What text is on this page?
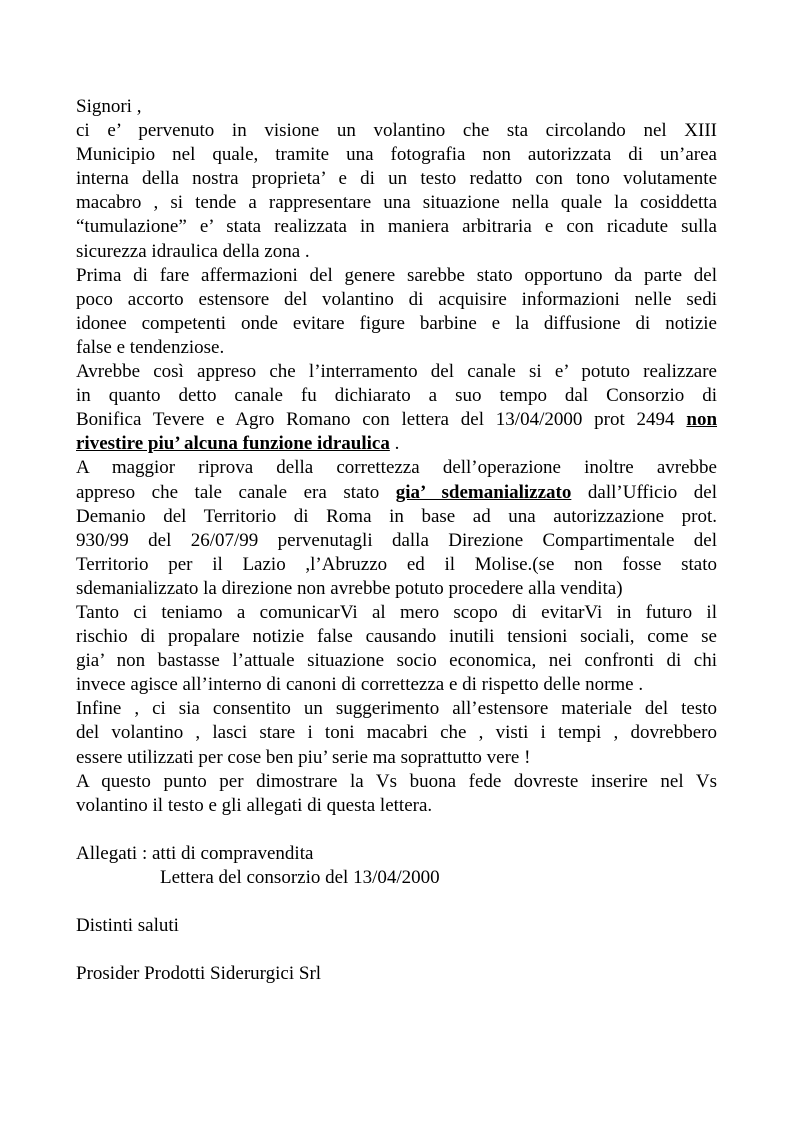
Signori ,
ci e’ pervenuto in visione un volantino che sta circolando nel XIII
Municipio nel quale, tramite una fotografia non autorizzata di un’area
interna della nostra proprieta’ e di un testo redatto con tono volutamente
macabro , si tende a rappresentare una situazione nella quale la cosiddetta
“tumulazione” e’ stata realizzata in maniera arbitraria e con ricadute sulla
sicurezza idraulica della zona .
Prima di fare affermazioni del genere sarebbe stato opportuno da parte del
poco accorto estensore del volantino di acquisire informazioni nelle sedi
idonee competenti onde evitare figure barbine e la diffusione di notizie
false e tendenziose.
Avrebbe così appreso che l’interramento del canale si e’ potuto realizzare
in quanto detto canale fu dichiarato a suo tempo dal Consorzio di
Bonifica Tevere e Agro Romano con lettera del 13/04/2000 prot 2494 non
rivestire piu’ alcuna funzione idraulica .
A maggior riprova della correttezza dell’operazione inoltre avrebbe
appreso che tale canale era stato gia’ sdemanializzato dall’Ufficio del
Demanio del Territorio di Roma in base ad una autorizzazione prot.
930/99 del 26/07/99 pervenutagli dalla Direzione Compartimentale del
Territorio per il Lazio ,l’Abruzzo ed il Molise.(se non fosse stato
sdemanializzato la direzione non avrebbe potuto procedere alla vendita)
Tanto ci teniamo a comunicarVi al mero scopo di evitarVi in futuro il
rischio di propalare notizie false causando inutili tensioni sociali, come se
gia’ non bastasse l’attuale situazione socio economica, nei confronti di chi
invece agisce all’interno di canoni di correttezza e di rispetto delle norme .
Infine , ci sia consentito un suggerimento all’estensore materiale del testo
del volantino , lasci stare i toni macabri che , visti i tempi , dovrebbero
essere utilizzati per cose ben piu’ serie ma soprattutto vere !
A questo punto per dimostrare la Vs buona fede dovreste inserire nel Vs
volantino il testo e gli allegati di questa lettera.
Allegati : atti di compravendita
Lettera del consorzio del 13/04/2000
Distinti saluti
Prosider Prodotti Siderurgici Srl
